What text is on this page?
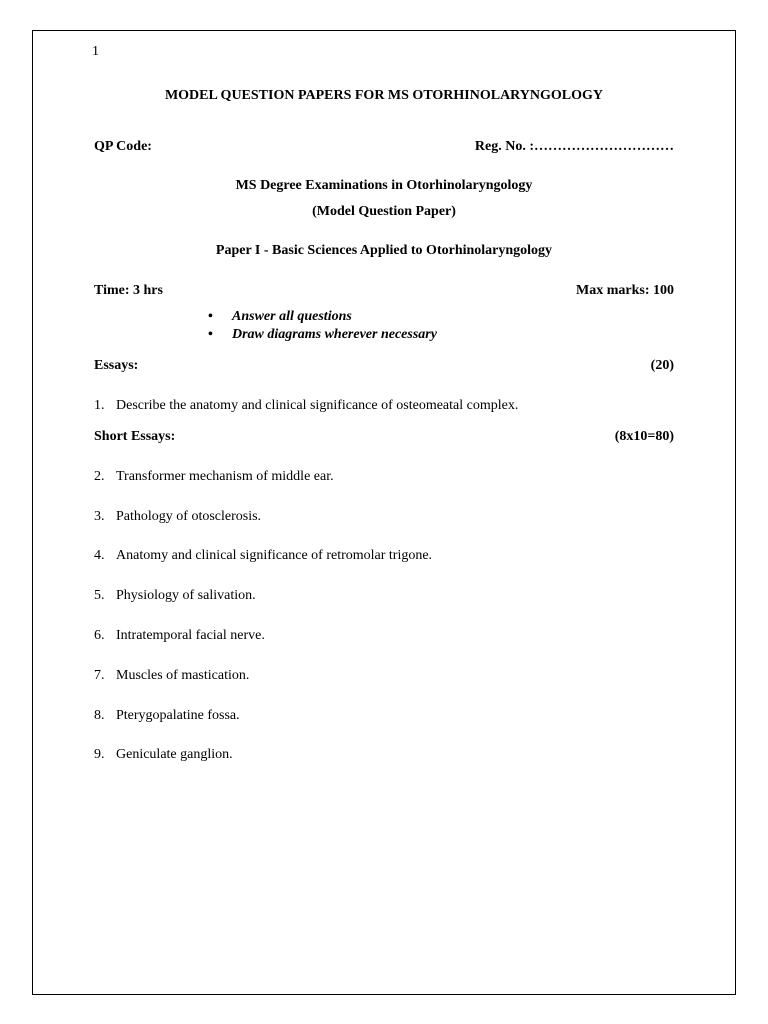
1
MODEL QUESTION PAPERS FOR MS OTORHINOLARYNGOLOGY
QP Code:	Reg. No. :…………………………
MS Degree Examinations in Otorhinolaryngology
(Model Question Paper)
Paper I - Basic Sciences Applied to Otorhinolaryngology
Time: 3 hrs	Max marks: 100
• Answer all questions
• Draw diagrams wherever necessary
Essays:	(20)
1. Describe the anatomy and clinical significance of osteomeatal complex.
Short Essays:	(8x10=80)
2. Transformer mechanism of middle ear.
3. Pathology of otosclerosis.
4. Anatomy and clinical significance of retromolar trigone.
5. Physiology of salivation.
6. Intratemporal facial nerve.
7. Muscles of mastication.
8. Pterygopalatine fossa.
9. Geniculate ganglion.
